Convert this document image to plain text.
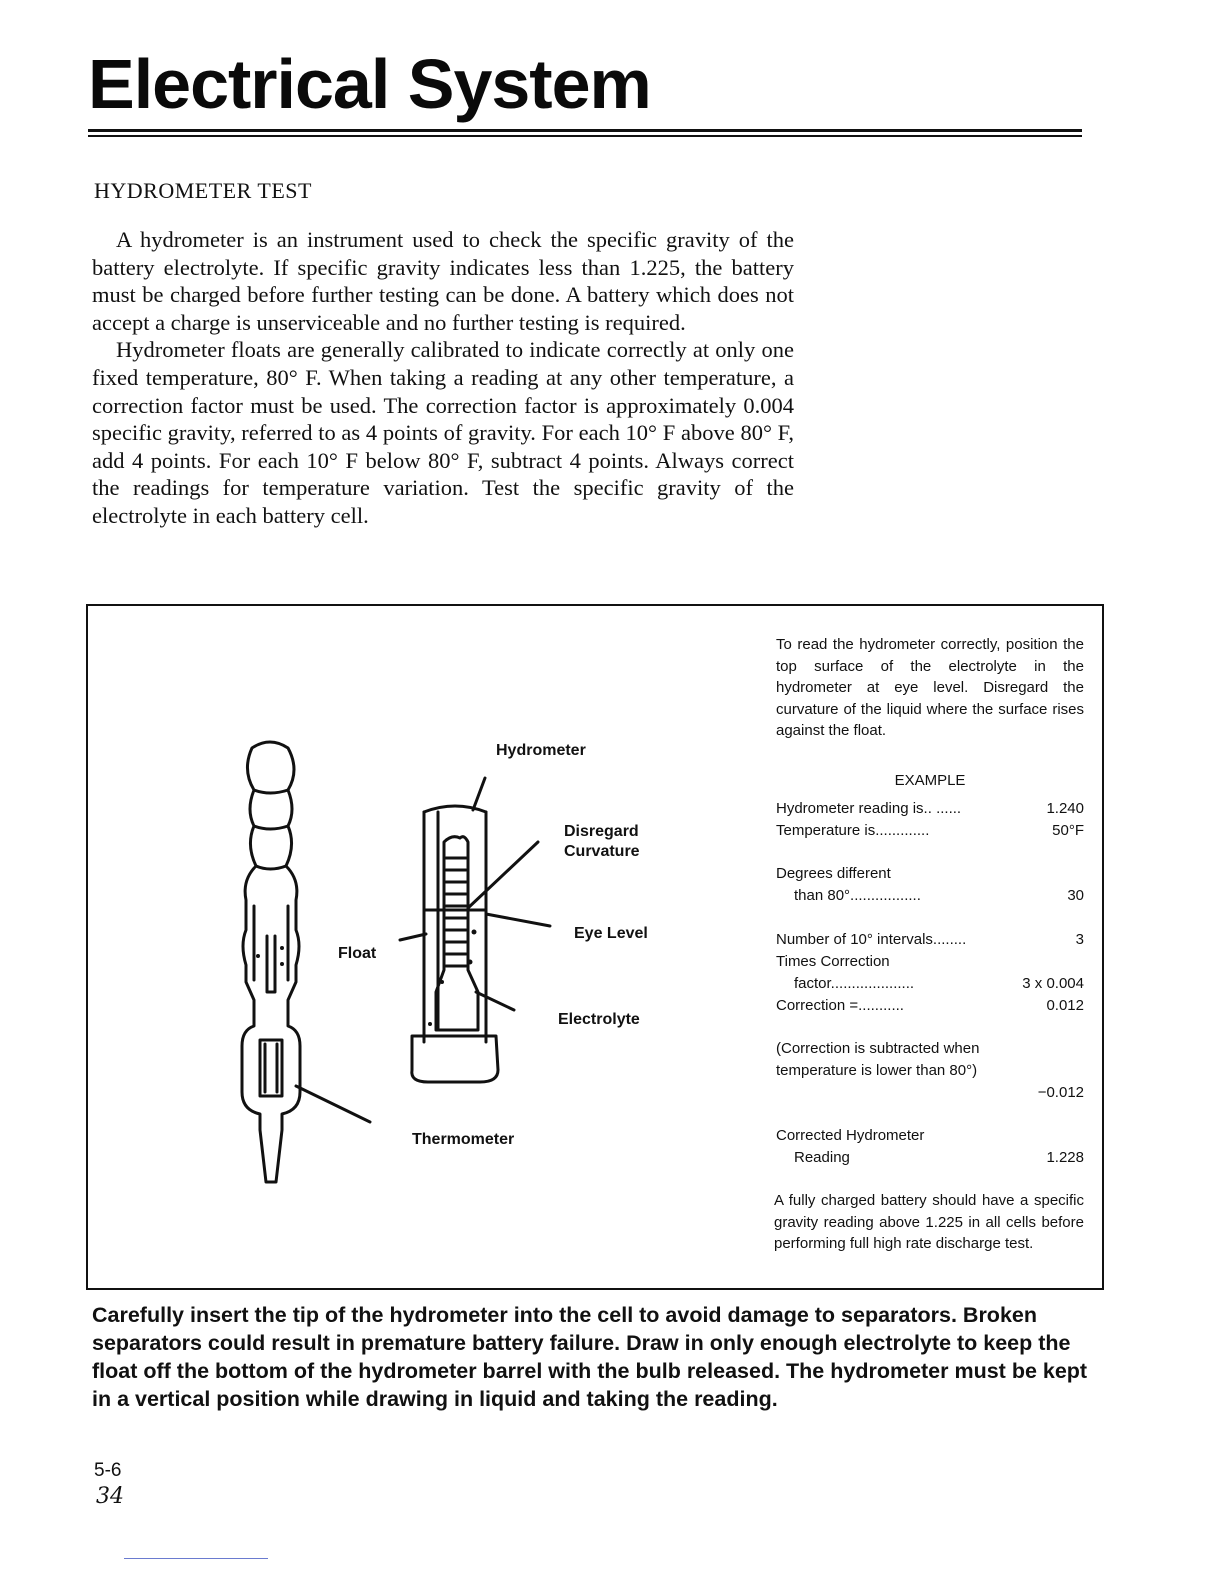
Electrical System
HYDROMETER TEST

A hydrometer is an instrument used to check the specific gravity of the battery electrolyte. If specific gravity indicates less than 1.225, the battery must be charged before further testing can be done. A battery which does not accept a charge is unserviceable and no further testing is required.

Hydrometer floats are generally calibrated to indicate correctly at only one fixed temperature, 80° F. When taking a reading at any other temperature, a correction factor must be used. The correction factor is approximately 0.004 specific gravity, referred to as 4 points of gravity. For each 10° F above 80° F, add 4 points. For each 10° F below 80° F, subtract 4 points. Always correct the readings for temperature variation. Test the specific gravity of the electrolyte in each battery cell.

Hydrometer
Disregard
Curvature
Eye Level
Float
Electrolyte
Thermometer
To read the hydrometer correctly, position the top surface of the electrolyte in the hydrometer at eye level. Disregard the curvature of the liquid where the surface rises against the float.
EXAMPLE
Hydrometer reading is.. ......	1.240
Temperature is.............	50°F
Degrees different
than 80°.................	30
Number of 10° intervals........	3
Times Correction
factor....................	3 x 0.004
Correction =...........	0.012
(Correction is subtracted when
temperature is lower than 80°)
−0.012
Corrected Hydrometer
Reading	1.228
A fully charged battery should have a specific gravity reading above 1.225 in all cells before performing full high rate discharge test.
Carefully insert the tip of the hydrometer into the cell to avoid damage to separators. Broken separators could result in premature battery failure. Draw in only enough electrolyte to keep the float off the bottom of the hydrometer barrel with the bulb released. The hydrometer must be kept in a vertical position while drawing in liquid and taking the reading.
5-6
34
